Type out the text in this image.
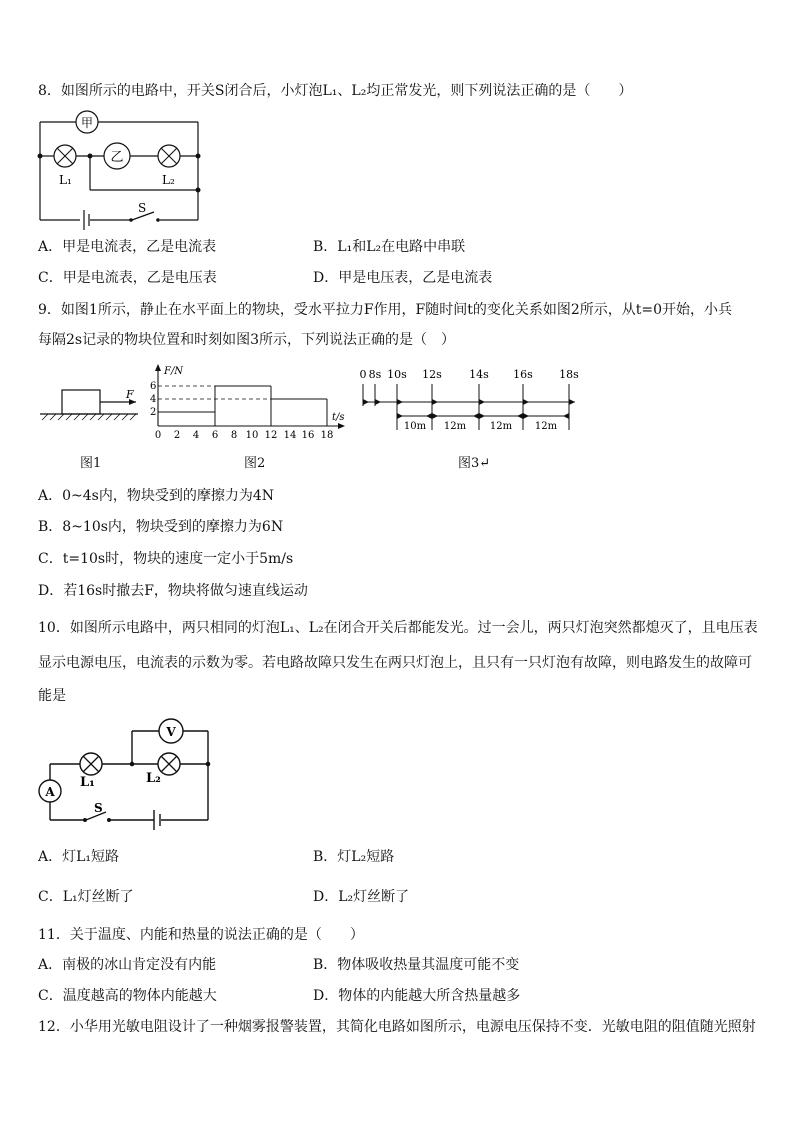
8．如图所示的电路中，开关S闭合后，小灯泡L₁、L₂均正常发光，则下列说法正确的是（　　）
甲
乙
L₁	L₂
S
A．甲是电流表，乙是电流表	B．L₁和L₂在电路中串联
C．甲是电流表，乙是电压表	D．甲是电压表，乙是电流表
9．如图1所示，静止在水平面上的物块，受水平拉力F作用，F随时间t的变化关系如图2所示，从t=0开始，小兵
每隔2s记录的物块位置和时刻如图3所示，下列说法正确的是（　）
F
F/N
t/s
6
4
2
0 2 4 6 8 10 12 14 16 18
0 8s 10s 12s 14s 16s 18s
10m 12m 12m 12m
图1	图2	图3↵
A．0~4s内，物块受到的摩擦力为4N
B．8~10s内，物块受到的摩擦力为6N
C．t=10s时，物块的速度一定小于5m/s
D．若16s时撤去F，物块将做匀速直线运动
10．如图所示电路中，两只相同的灯泡L₁、L₂在闭合开关后都能发光。过一会儿，两只灯泡突然都熄灭了，且电压表
显示电源电压，电流表的示数为零。若电路故障只发生在两只灯泡上，且只有一只灯泡有故障，则电路发生的故障可
能是
V
A
L₁	L₂
S
A．灯L₁短路	B．灯L₂短路
C．L₁灯丝断了	D．L₂灯丝断了
11．关于温度、内能和热量的说法正确的是（　　）
A．南极的冰山肯定没有内能	B．物体吸收热量其温度可能不变
C．温度越高的物体内能越大	D．物体的内能越大所含热量越多
12．小华用光敏电阻设计了一种烟雾报警装置，其简化电路如图所示，电源电压保持不变．光敏电阻的阻值随光照射
